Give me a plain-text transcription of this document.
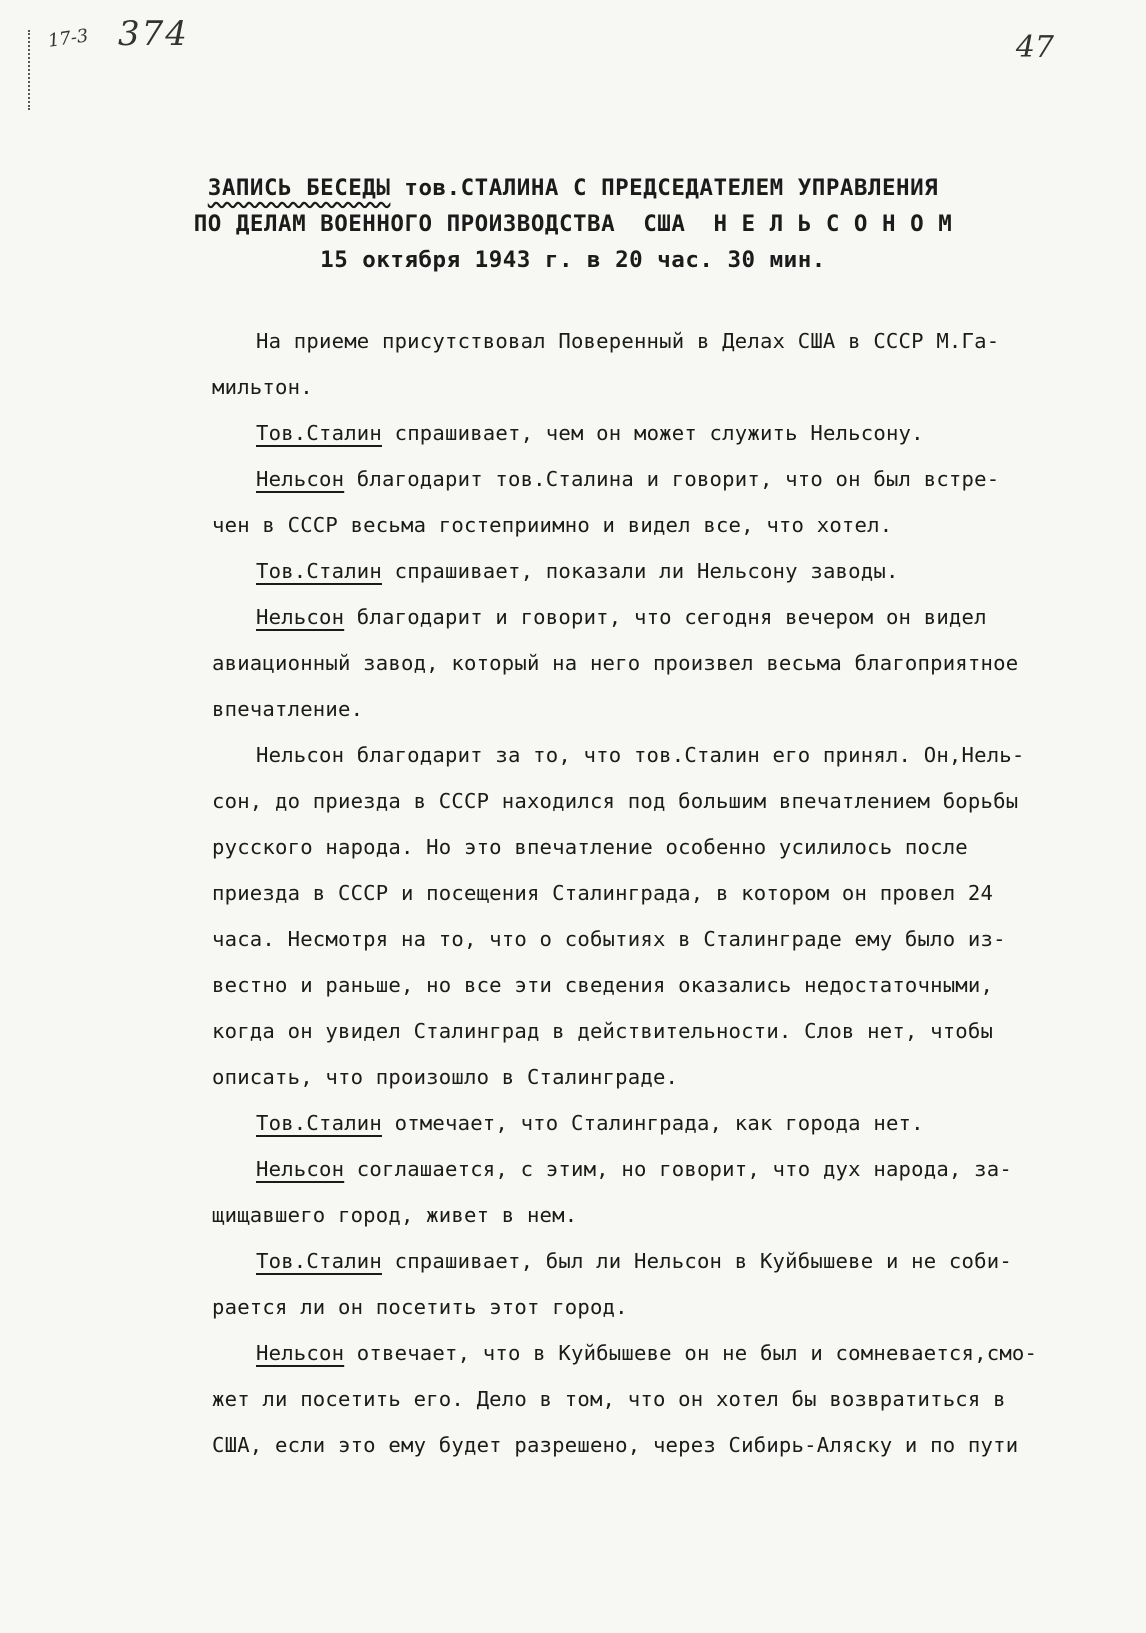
17-3 374	47
ЗАПИСЬ БЕСЕДЫ тов.СТАЛИНА С ПРЕДСЕДАТЕЛЕМ УПРАВЛЕНИЯ
ПО ДЕЛАМ ВОЕННОГО ПРОИЗВОДСТВА  США  Н Е Л Ь С О Н О М
15 октября 1943 г. в 20 час. 30 мин.
На приеме присутствовал Поверенный в Делах США в СССР М.Га-
мильтон.
Тов.Сталин спрашивает, чем он может служить Нельсону.
Нельсон благодарит тов.Сталина и говорит, что он был встре-
чен в СССР весьма гостеприимно и видел все, что хотел.
Тов.Сталин спрашивает, показали ли Нельсону заводы.
Нельсон благодарит и говорит, что сегодня вечером он видел
авиационный завод, который на него произвел весьма благоприятное
впечатление.
Нельсон благодарит за то, что тов.Сталин его принял. Он,Нель-
сон, до приезда в СССР находился под большим впечатлением борьбы
русского народа. Но это впечатление особенно усилилось после
приезда в СССР и посещения Сталинграда, в котором он провел 24
часа. Несмотря на то, что о событиях в Сталинграде ему было из-
вестно и раньше, но все эти сведения оказались недостаточными,
когда он увидел Сталинград в действительности. Слов нет, чтобы
описать, что произошло в Сталинграде.
Тов.Сталин отмечает, что Сталинграда, как города нет.
Нельсон соглашается, с этим, но говорит, что дух народа, за-
щищавшего город, живет в нем.
Тов.Сталин спрашивает, был ли Нельсон в Куйбышеве и не соби-
рается ли он посетить этот город.
Нельсон отвечает, что в Куйбышеве он не был и сомневается,смо-
жет ли посетить его. Дело в том, что он хотел бы возвратиться в
США, если это ему будет разрешено, через Сибирь-Аляску и по пути
